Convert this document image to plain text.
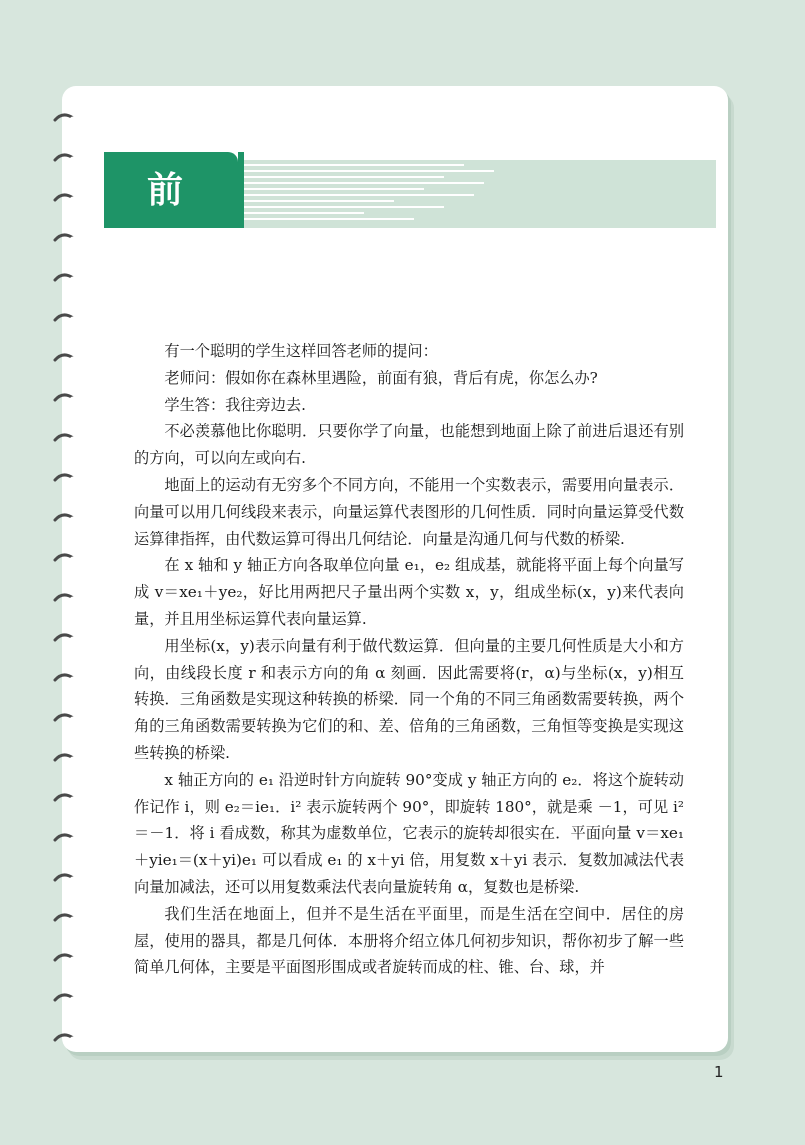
前 言

有一个聪明的学生这样回答老师的提问：

老师问：假如你在森林里遇险，前面有狼，背后有虎，你怎么办?

学生答：我往旁边去.

不必羡慕他比你聪明．只要你学了向量，也能想到地面上除了前进后退还有别的方向，可以向左或向右.

地面上的运动有无穷多个不同方向，不能用一个实数表示，需要用向量表示．向量可以用几何线段来表示，向量运算代表图形的几何性质．同时向量运算受代数运算律指挥，由代数运算可得出几何结论．向量是沟通几何与代数的桥梁.

在 x 轴和 y 轴正方向各取单位向量 e₁，e₂ 组成基，就能将平面上每个向量写成 v＝xe₁＋ye₂，好比用两把尺子量出两个实数 x，y，组成坐标(x，y)来代表向量，并且用坐标运算代表向量运算.

用坐标(x，y)表示向量有利于做代数运算．但向量的主要几何性质是大小和方向，由线段长度 r 和表示方向的角 α 刻画．因此需要将(r，α)与坐标(x，y)相互转换．三角函数是实现这种转换的桥梁．同一个角的不同三角函数需要转换，两个角的三角函数需要转换为它们的和、差、倍角的三角函数，三角恒等变换是实现这些转换的桥梁.

x 轴正方向的 e₁ 沿逆时针方向旋转 90°变成 y 轴正方向的 e₂．将这个旋转动作记作 i，则 e₂＝ie₁．i² 表示旋转两个 90°，即旋转 180°，就是乘 －1，可见 i²＝－1．将 i 看成数，称其为虚数单位，它表示的旋转却很实在．平面向量 v＝xe₁＋yie₁＝(x＋yi)e₁ 可以看成 e₁ 的 x＋yi 倍，用复数 x＋yi 表示．复数加减法代表向量加减法，还可以用复数乘法代表向量旋转角 α，复数也是桥梁.

我们生活在地面上，但并不是生活在平面里，而是生活在空间中．居住的房屋，使用的器具，都是几何体．本册将介绍立体几何初步知识，帮你初步了解一些简单几何体，主要是平面图形围成或者旋转而成的柱、锥、台、球，并

1
